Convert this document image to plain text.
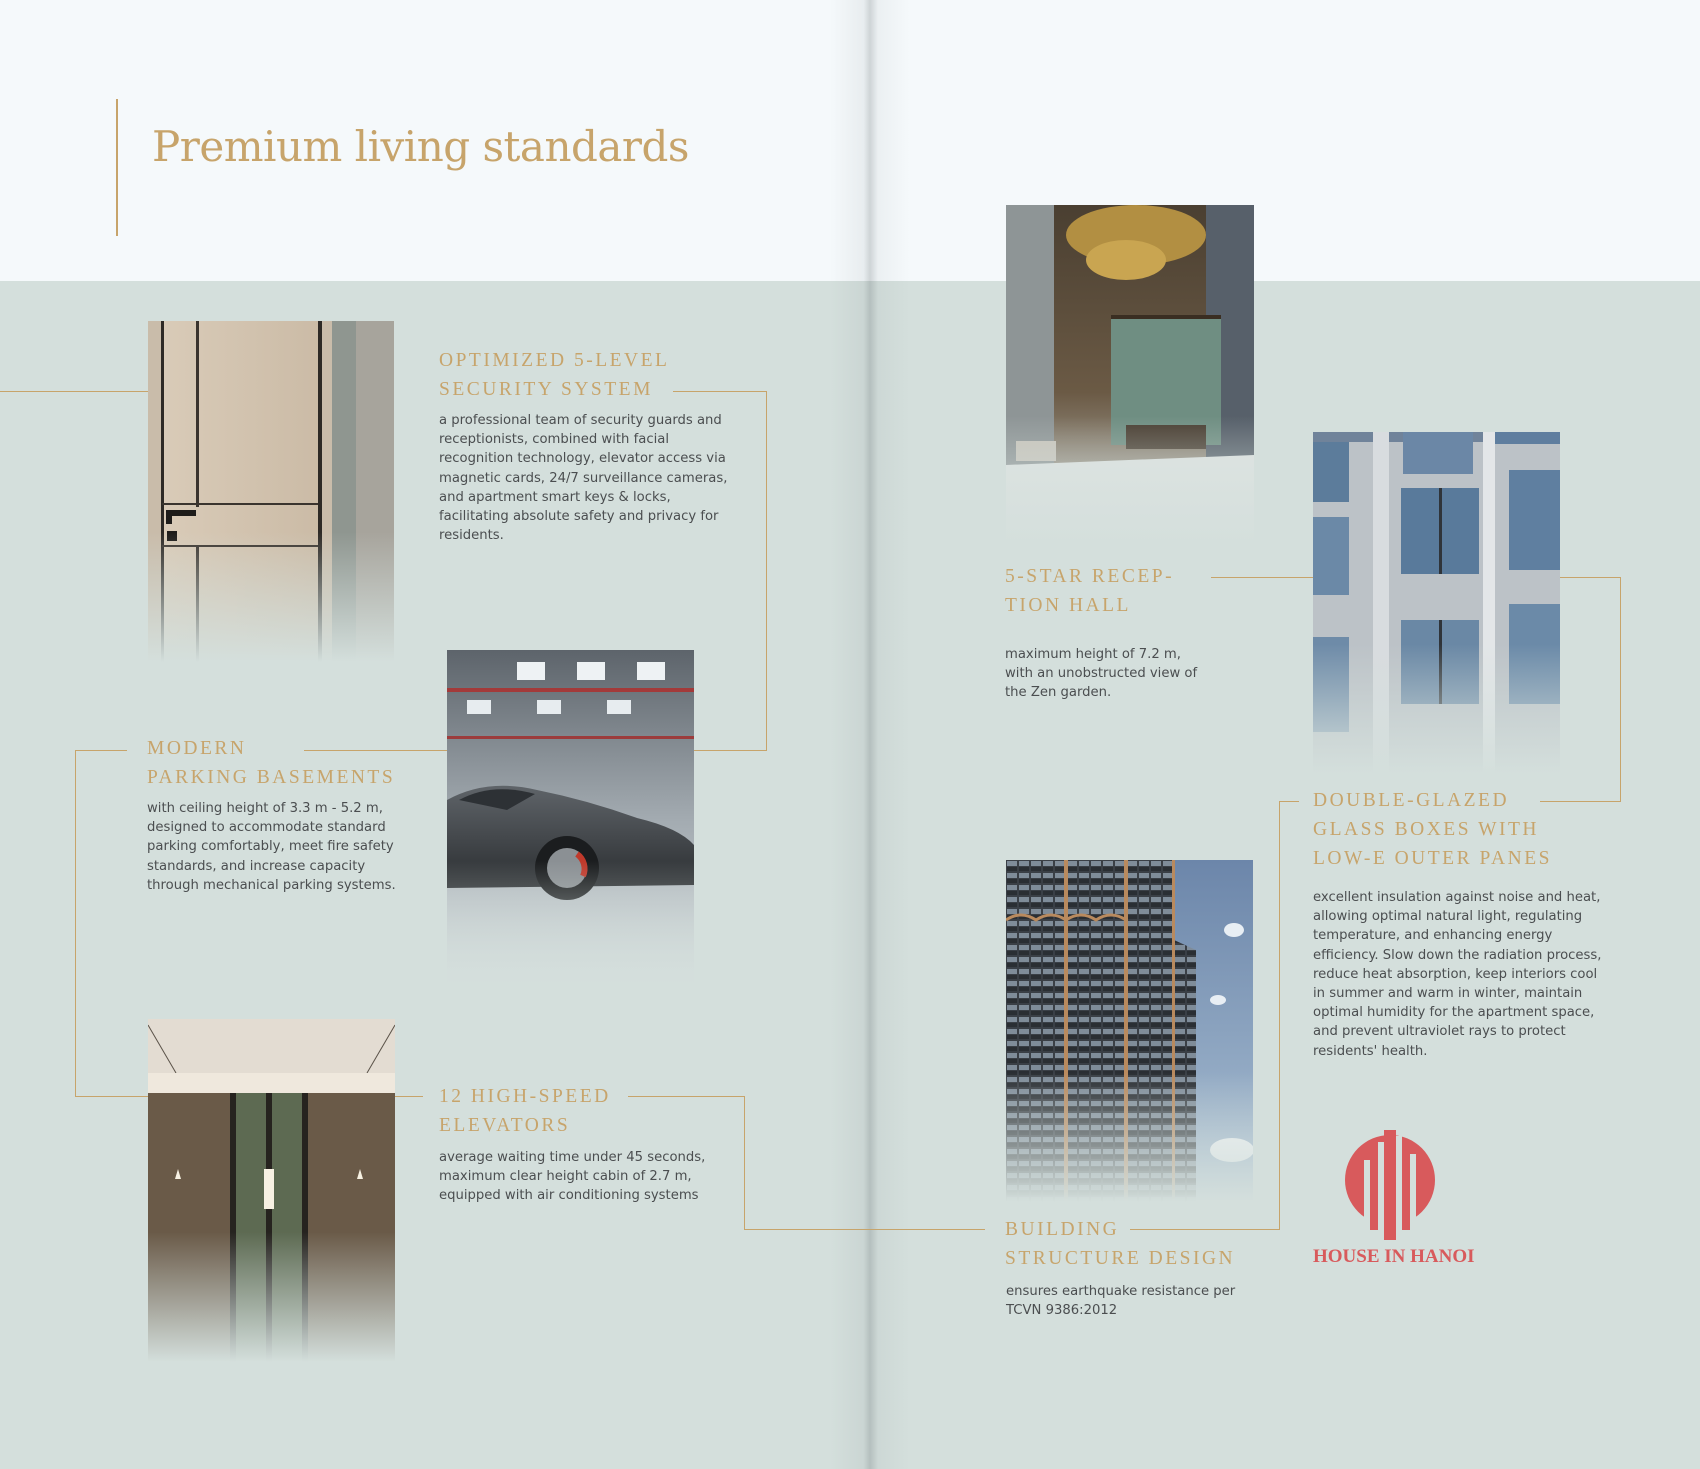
Premium living standards
OPTIMIZED 5-LEVEL
SECURITY SYSTEM
a professional team of security guards and receptionists, combined with facial recognition technology, elevator access via magnetic cards, 24/7 surveillance cameras, and apartment smart keys & locks, facilitating absolute safety and privacy for residents.
MODERN
PARKING BASEMENTS
with ceiling height of 3.3 m - 5.2 m, designed to accommodate standard parking comfortably, meet fire safety standards, and increase capacity through mechanical parking systems.
12 HIGH-SPEED
ELEVATORS
average waiting time under 45 seconds, maximum clear height cabin of 2.7 m, equipped with air conditioning systems
5-STAR RECEP-
TION HALL
maximum height of 7.2 m, with an unobstructed view of the Zen garden.
DOUBLE-GLAZED
GLASS BOXES WITH
LOW-E OUTER PANES
excellent insulation against noise and heat, allowing optimal natural light, regulating temperature, and enhancing energy efficiency. Slow down the radiation process, reduce heat absorption, keep interiors cool in summer and warm in winter, maintain optimal humidity for the apartment space, and prevent ultraviolet rays to protect residents' health.
BUILDING
STRUCTURE DESIGN
ensures earthquake resistance per TCVN 9386:2012
HOUSE IN HANOI
